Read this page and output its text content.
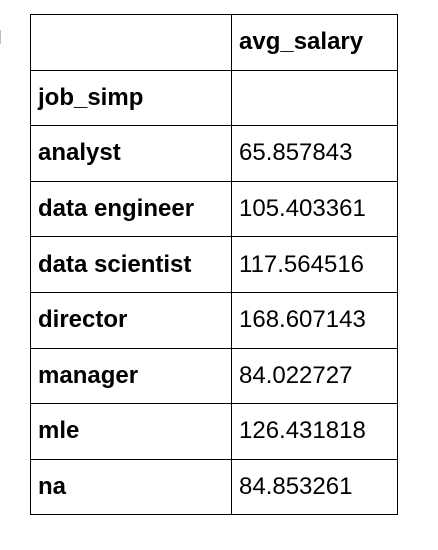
	avg_salary
job_simp	
analyst	65.857843
data engineer	105.403361
data scientist	117.564516
director	168.607143
manager	84.022727
mle	126.431818
na	84.853261
